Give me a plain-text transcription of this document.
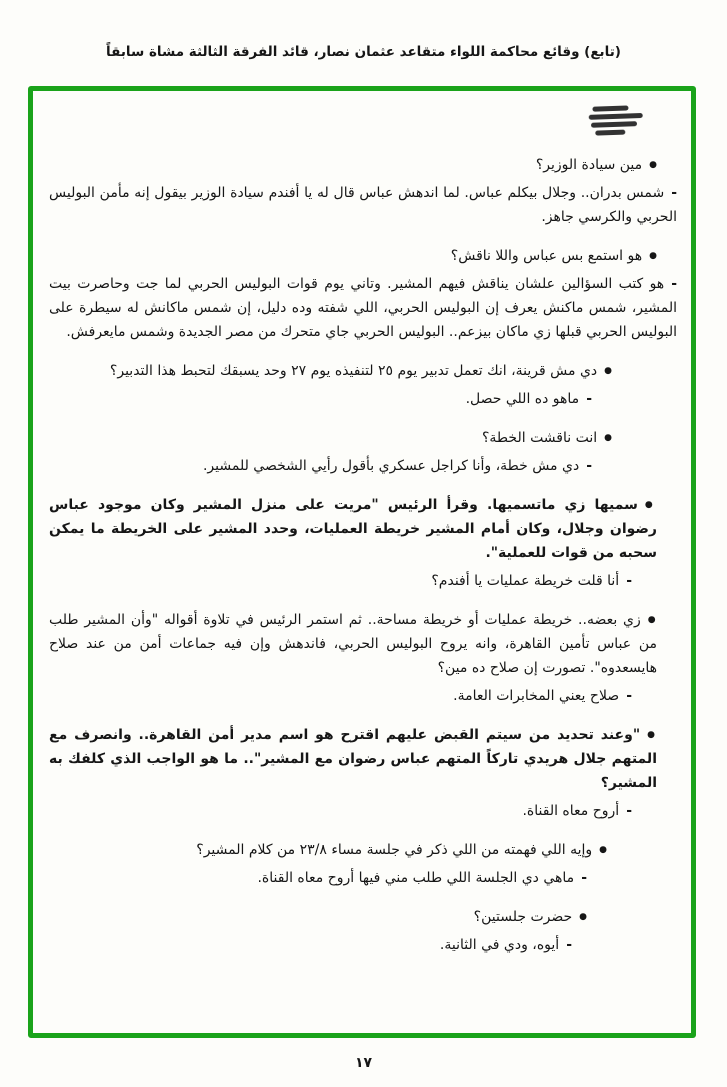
(تابع) وقائع محاكمة اللواء متقاعد عثمان نصار، قائد الفرقة الثالثة مشاة سابقاً
●مين سيادة الوزير؟
-شمس بدران.. وجلال بيكلم عباس. لما اندهش عباس قال له يا أفندم سيادة الوزير بيقول إنه مأمن البوليس الحربي والكرسي جاهز.
●هو استمع بس عباس واللا ناقش؟
-هو كتب السؤالين علشان يناقش فيهم المشير. وتاني يوم قوات البوليس الحربي لما جت وحاصرت بيت المشير، شمس ماكنش يعرف إن البوليس الحربي، اللي شفته وده دليل، إن شمس ماكانش له سيطرة على البوليس الحربي قبلها زي ماكان بيزعم.. البوليس الحربي جاي متحرك من مصر الجديدة وشمس مايعرفش.
●دي مش قرينة، انك تعمل تدبير يوم ٢٥ لتنفيذه يوم ٢٧ وحد يسبقك لتحبط هذا التدبير؟
-ماهو ده اللي حصل.
●انت ناقشت الخطة؟
-دي مش خطة، وأنا كراجل عسكري بأقول رأيي الشخصي للمشير.
●سميها زي ماتسميها. وقرأ الرئيس "مريت على منزل المشير وكان موجود عباس رضوان وجلال، وكان أمام المشير خريطة العمليات، وحدد المشير على الخريطة ما يمكن سحبه من قوات للعملية".
-أنا قلت خريطة عمليات يا أفندم؟
●زي بعضه.. خريطة عمليات أو خريطة مساحة.. ثم استمر الرئيس في تلاوة أقواله "وأن المشير طلب من عباس تأمين القاهرة، وانه يروح البوليس الحربي، فاندهش وإن فيه جماعات أمن من عند صلاح هايسعدوه". تصورت إن صلاح ده مين؟
-صلاح يعني المخابرات العامة.
●"وعند تحديد من سيتم القبض عليهم اقترح هو اسم مدير أمن القاهرة.. وانصرف مع المتهم جلال هريدي تاركاً المتهم عباس رضوان مع المشير".. ما هو الواجب الذي كلفك به المشير؟
-أروح معاه القناة.
●وإيه اللي فهمته من اللي ذكر في جلسة مساء ٢٣/٨ من كلام المشير؟
-ماهي دي الجلسة اللي طلب مني فيها أروح معاه القناة.
●حضرت جلستين؟
-أيوه، ودي في الثانية.
١٧
